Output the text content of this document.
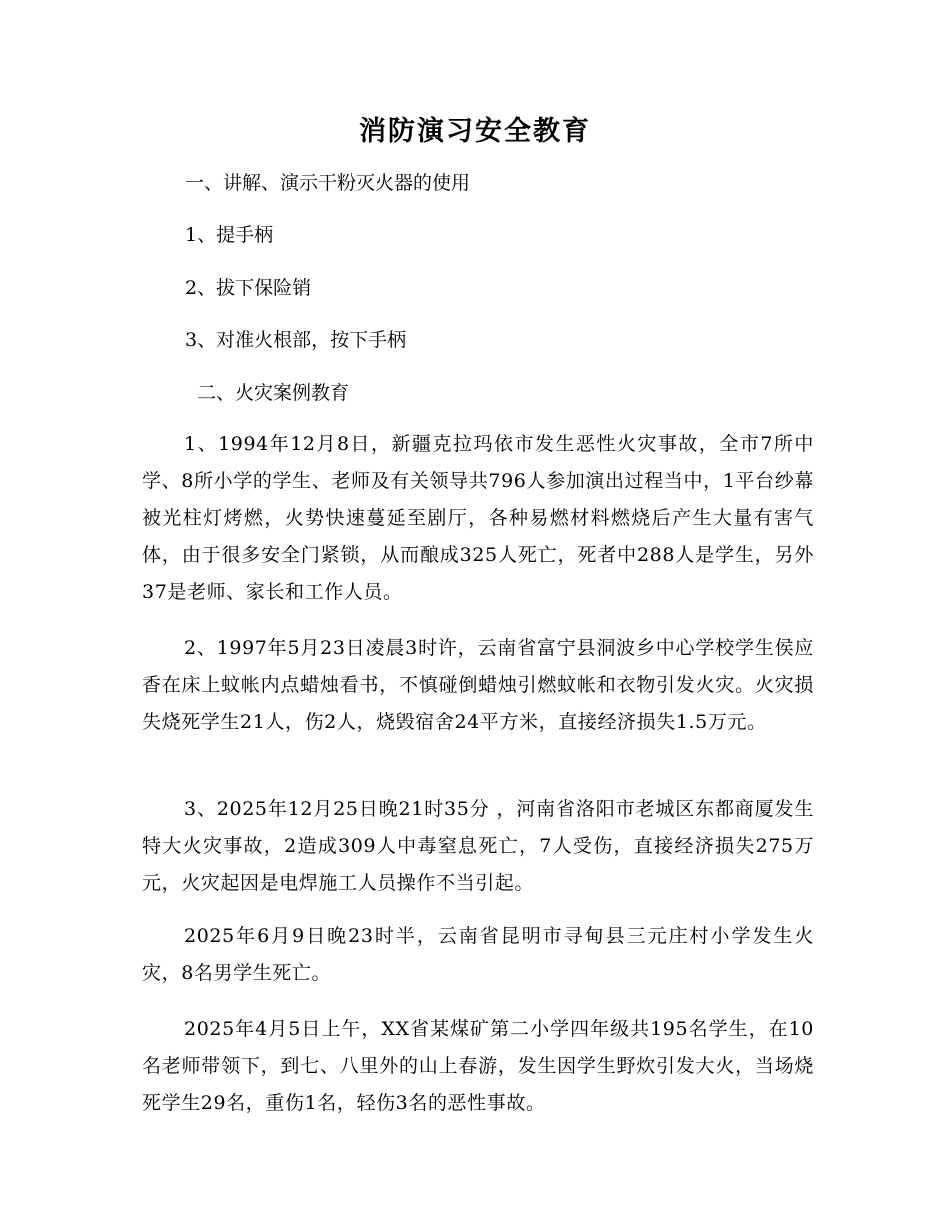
消防演习安全教育
一、讲解、演示干粉灭火器的使用
1、提手柄
2、拔下保险销
3、对准火根部，按下手柄
二、火灾案例教育

1、1994年12月8日，新疆克拉玛依市发生恶性火灾事故，全市7所中学、8所小学的学生、老师及有关领导共796人参加演出过程当中，1平台纱幕被光柱灯烤燃，火势快速蔓延至剧厅，各种易燃材料燃烧后产生大量有害气体，由于很多安全门紧锁，从而酿成325人死亡，死者中288人是学生，另外37是老师、家长和工作人员。

2、1997年5月23日凌晨3时许，云南省富宁县洞波乡中心学校学生侯应香在床上蚊帐内点蜡烛看书，不慎碰倒蜡烛引燃蚊帐和衣物引发火灾。火灾损失烧死学生21人，伤2人，烧毁宿舍24平方米，直接经济损失1.5万元。

3、2025年12月25日晚21时35分 ，河南省洛阳市老城区东都商厦发生特大火灾事故，2造成309人中毒窒息死亡，7人受伤，直接经济损失275万元，火灾起因是电焊施工人员操作不当引起。

2025年6月9日晚23时半，云南省昆明市寻甸县三元庄村小学发生火灾，8名男学生死亡。

2025年4月5日上午，XX省某煤矿第二小学四年级共195名学生，在10名老师带领下，到七、八里外的山上春游，发生因学生野炊引发大火，当场烧死学生29名，重伤1名，轻伤3名的恶性事故。
